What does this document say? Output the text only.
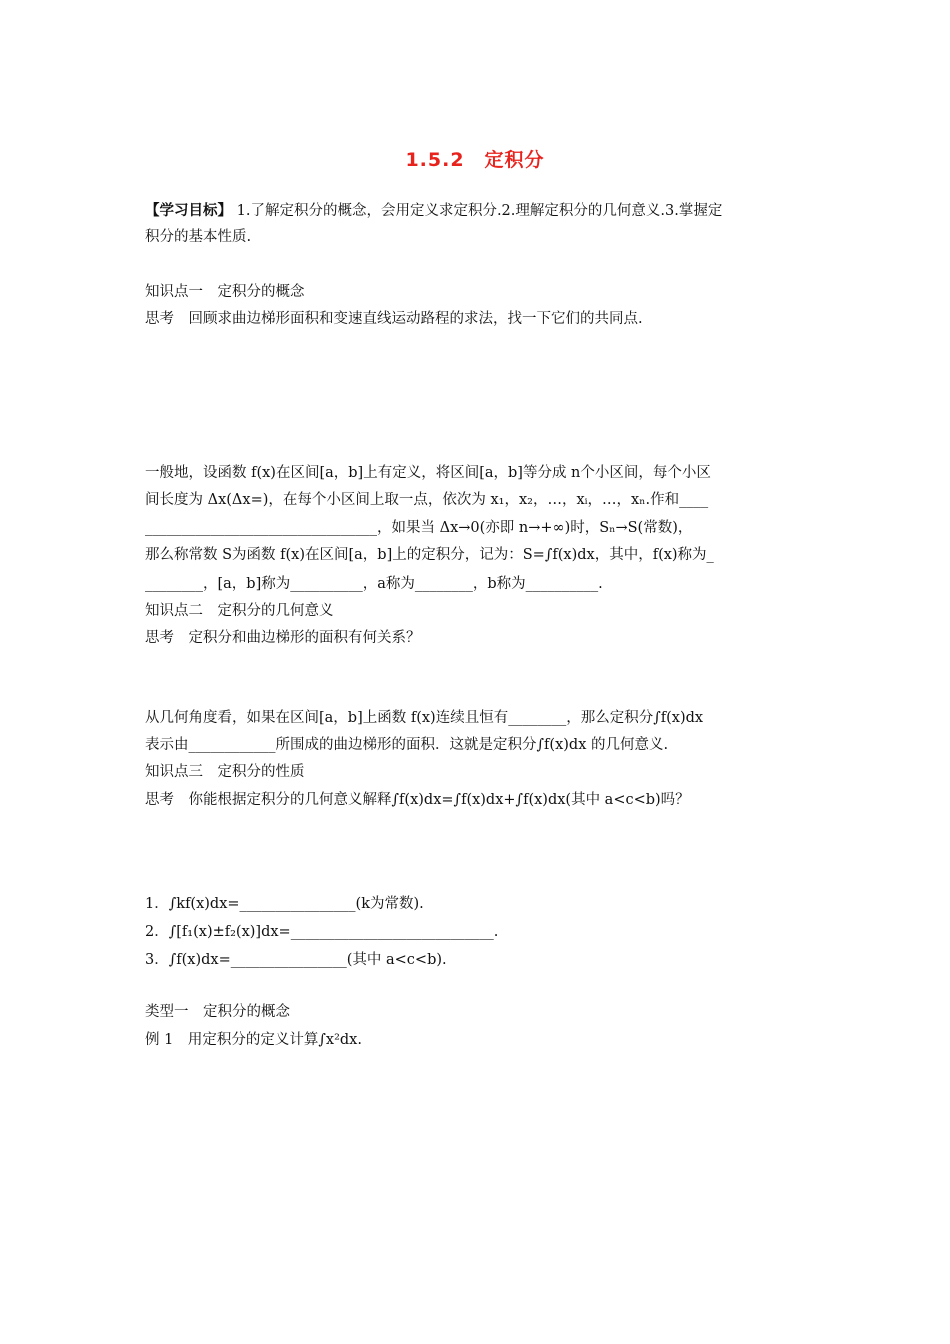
1.5.2　定积分
【学习目标】 1.了解定积分的概念，会用定义求定积分.2.理解定积分的几何意义.3.掌握定
积分的基本性质.
知识点一　定积分的概念
思考　回顾求曲边梯形面积和变速直线运动路程的求法，找一下它们的共同点.
一般地，设函数 f(x)在区间[a，b]上有定义，将区间[a，b]等分成 n个小区间，每个小区
间长度为 Δx(Δx=)，在每个小区间上取一点，依次为 x₁，x₂，…，xᵢ，…，xₙ.作和____
________________________________，如果当 Δx→0(亦即 n→+∞)时，Sₙ→S(常数)，
那么称常数 S为函数 f(x)在区间[a，b]上的定积分，记为：S=∫f(x)dx，其中，f(x)称为_
________，[a，b]称为__________，a称为________，b称为__________.
知识点二　定积分的几何意义
思考　定积分和曲边梯形的面积有何关系？
从几何角度看，如果在区间[a，b]上函数 f(x)连续且恒有________，那么定积分∫f(x)dx
表示由____________所围成的曲边梯形的面积．这就是定积分∫f(x)dx 的几何意义.
知识点三　定积分的性质
思考　你能根据定积分的几何意义解释∫f(x)dx=∫f(x)dx+∫f(x)dx(其中 a<c<b)吗？
1．∫kf(x)dx=________________(k为常数).
2．∫[f₁(x)±f₂(x)]dx=____________________________.
3．∫f(x)dx=________________(其中 a<c<b).
类型一　定积分的概念
例 1　用定积分的定义计算∫x²dx.
